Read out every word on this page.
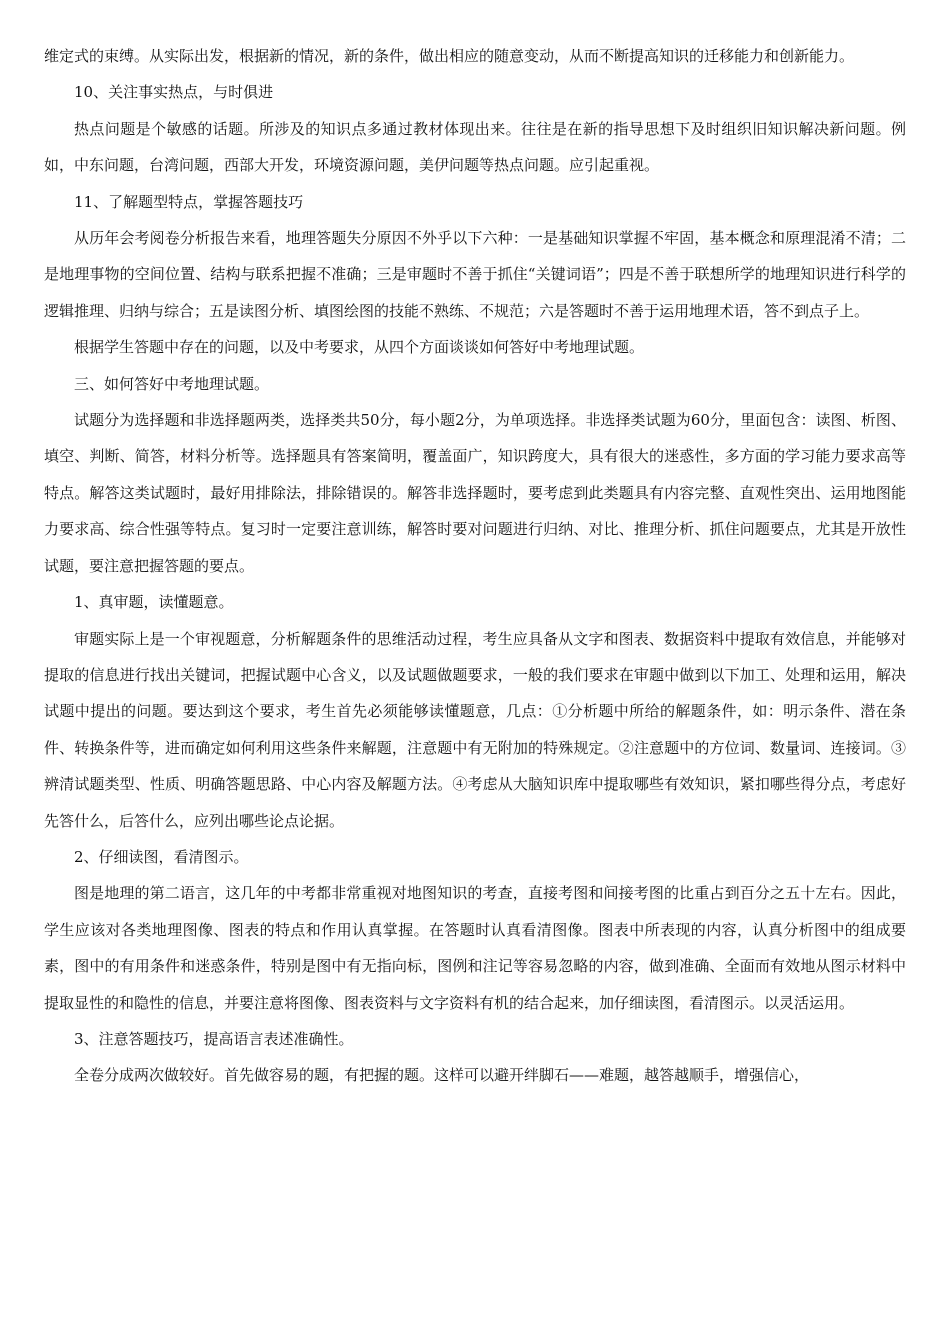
维定式的束缚。从实际出发，根据新的情况，新的条件，做出相应的随意变动，从而不断提高知识的迁移能力和创新能力。

10、关注事实热点，与时俱进

热点问题是个敏感的话题。所涉及的知识点多通过教材体现出来。往往是在新的指导思想下及时组织旧知识解决新问题。例如，中东问题，台湾问题，西部大开发，环境资源问题，美伊问题等热点问题。应引起重视。

11、了解题型特点，掌握答题技巧

从历年会考阅卷分析报告来看，地理答题失分原因不外乎以下六种：一是基础知识掌握不牢固，基本概念和原理混淆不清；二是地理事物的空间位置、结构与联系把握不准确；三是审题时不善于抓住“关键词语”；四是不善于联想所学的地理知识进行科学的逻辑推理、归纳与综合；五是读图分析、填图绘图的技能不熟练、不规范；六是答题时不善于运用地理术语，答不到点子上。

根据学生答题中存在的问题，以及中考要求，从四个方面谈谈如何答好中考地理试题。

三、如何答好中考地理试题。

试题分为选择题和非选择题两类，选择类共50分，每小题2分，为单项选择。非选择类试题为60分，里面包含：读图、析图、填空、判断、简答，材料分析等。选择题具有答案简明，覆盖面广，知识跨度大，具有很大的迷惑性，多方面的学习能力要求高等特点。解答这类试题时，最好用排除法，排除错误的。解答非选择题时，要考虑到此类题具有内容完整、直观性突出、运用地图能力要求高、综合性强等特点。复习时一定要注意训练，解答时要对问题进行归纳、对比、推理分析、抓住问题要点，尤其是开放性试题，要注意把握答题的要点。

1、真审题，读懂题意。

审题实际上是一个审视题意，分析解题条件的思维活动过程，考生应具备从文字和图表、数据资料中提取有效信息，并能够对提取的信息进行找出关键词，把握试题中心含义，以及试题做题要求，一般的我们要求在审题中做到以下加工、处理和运用，解决试题中提出的问题。要达到这个要求，考生首先必须能够读懂题意，几点：①分析题中所给的解题条件，如：明示条件、潜在条件、转换条件等，进而确定如何利用这些条件来解题，注意题中有无附加的特殊规定。②注意题中的方位词、数量词、连接词。③辨清试题类型、性质、明确答题思路、中心内容及解题方法。④考虑从大脑知识库中提取哪些有效知识，紧扣哪些得分点，考虑好先答什么，后答什么，应列出哪些论点论据。

2、仔细读图，看清图示。

图是地理的第二语言，这几年的中考都非常重视对地图知识的考查，直接考图和间接考图的比重占到百分之五十左右。因此，学生应该对各类地理图像、图表的特点和作用认真掌握。在答题时认真看清图像。图表中所表现的内容，认真分析图中的组成要素，图中的有用条件和迷惑条件，特别是图中有无指向标，图例和注记等容易忽略的内容，做到准确、全面而有效地从图示材料中提取显性的和隐性的信息，并要注意将图像、图表资料与文字资料有机的结合起来，加仔细读图，看清图示。以灵活运用。

3、注意答题技巧，提高语言表述准确性。

全卷分成两次做较好。首先做容易的题，有把握的题。这样可以避开绊脚石——难题，越答越顺手，增强信心，
